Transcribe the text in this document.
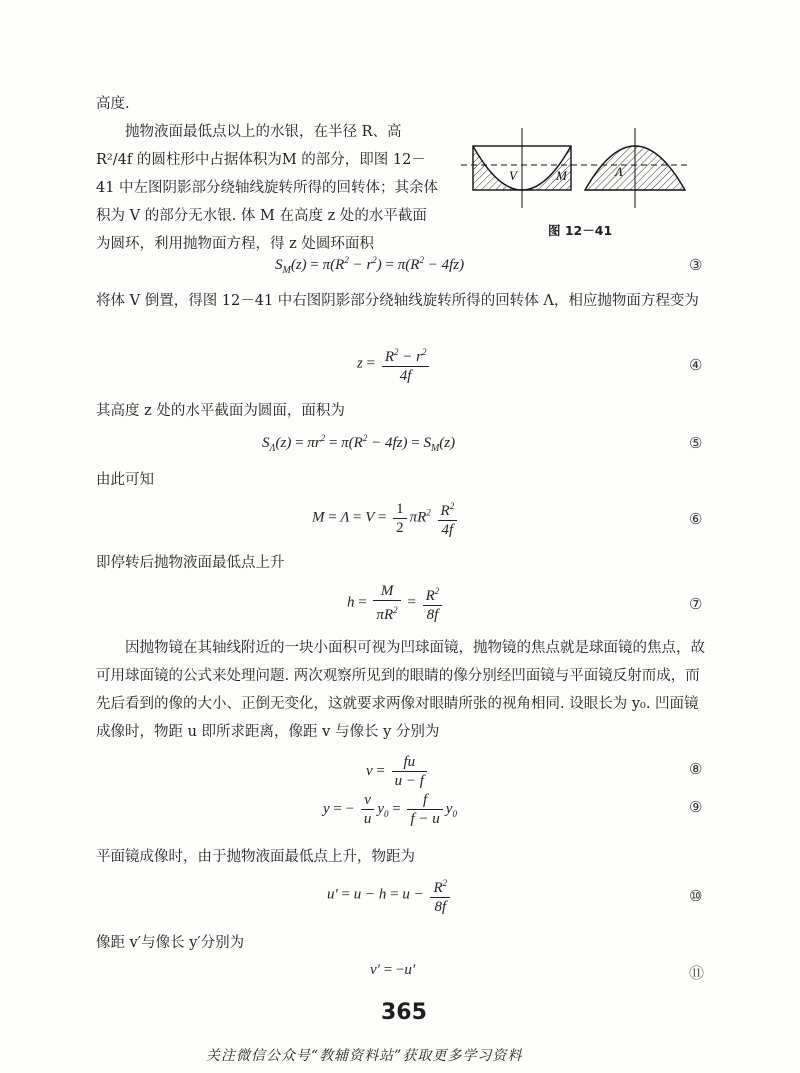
高度.
抛物液面最低点以上的水银，在半径 R、高 R²/4f 的圆柱形中占据体积为M 的部分，即图 12－41 中左图阴影部分绕轴线旋转所得的回转体；其余体积为 V 的部分无水银. 体 M 在高度 z 处的水平截面为圆环，利用抛物面方程，得 z 处圆环面积
V	M	Λ
图 12－41
$S_M(z) = \pi(R^2 - r^2) = \pi(R^2 - 4fz)$	③
将体 V 倒置，得图 12－41 中右图阴影部分绕轴线旋转所得的回转体 Λ，相应抛物面方程变为
$z = \frac{R^2 - r^2}{4f}$	④
其高度 z 处的水平截面为圆面，面积为
$S_\Lambda(z) = \pi r^2 = \pi(R^2 - 4fz) = S_M(z)$	⑤
由此可知
$M = \Lambda = V = \frac{1}{2} \pi R^2 \frac{R^2}{4f}$	⑥
即停转后抛物液面最低点上升
$h = \frac{M}{\pi R^2} = \frac{R^2}{8f}$	⑦
因抛物镜在其轴线附近的一块小面积可视为凹球面镜，抛物镜的焦点就是球面镜的焦点，故可用球面镜的公式来处理问题. 两次观察所见到的眼睛的像分别经凹面镜与平面镜反射而成，而先后看到的像的大小、正倒无变化，这就要求两像对眼睛所张的视角相同. 设眼长为 y₀. 凹面镜成像时，物距 u 即所求距离，像距 v 与像长 y 分别为
$v = \frac{fu}{u - f}$	⑧
y = − $\frac{v}{u} y_0 = \frac{f}{f - u} y_0$	⑨
平面镜成像时，由于抛物液面最低点上升，物距为
$u' = u - h = u - \frac{R^2}{8f}$	⑩
像距 v′与像长 y′分别为
v′ = −u′	⑪
365
关注微信公众号“教辅资料站”获取更多学习资料
